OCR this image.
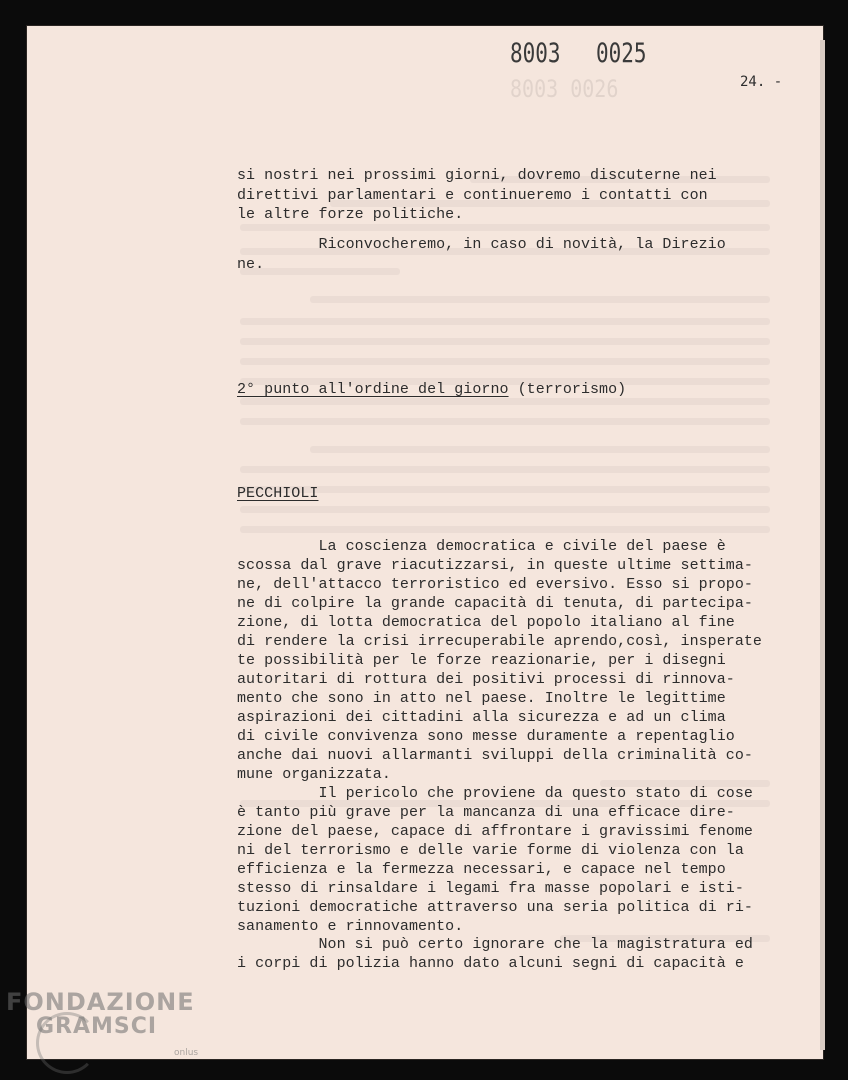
8003 0025
8003 0026	24. -
si nostri nei prossimi giorni, dovremo discuterne nei
direttivi parlamentari e continueremo i contatti con
le altre forze politiche.
Riconvocheremo, in caso di novità, la Direzio
ne.
2° punto all'ordine del giorno (terrorismo)
PECCHIOLI
La coscienza democratica e civile del paese è
scossa dal grave riacutizzarsi, in queste ultime settima-
ne, dell'attacco terroristico ed eversivo. Esso si propo-
ne di colpire la grande capacità di tenuta, di partecipa-
zione, di lotta democratica del popolo italiano al fine
di rendere la crisi irrecuperabile aprendo,così, insperate
te possibilità per le forze reazionarie, per i disegni
autoritari di rottura dei positivi processi di rinnova-
mento che sono in atto nel paese. Inoltre le legittime
aspirazioni dei cittadini alla sicurezza e ad un clima
di civile convivenza sono messe duramente a repentaglio
anche dai nuovi allarmanti sviluppi della criminalità co-
mune organizzata.
Il pericolo che proviene da questo stato di cose
è tanto più grave per la mancanza di una efficace dire-
zione del paese, capace di affrontare i gravissimi fenome
ni del terrorismo e delle varie forme di violenza con la
efficienza e la fermezza necessari, e capace nel tempo
stesso di rinsaldare i legami fra masse popolari e isti-
tuzioni democratiche attraverso una seria politica di ri-
sanamento e rinnovamento.
Non si può certo ignorare che la magistratura ed
i corpi di polizia hanno dato alcuni segni di capacità e
FONDAZIONE
GRAMSCI
onlus
